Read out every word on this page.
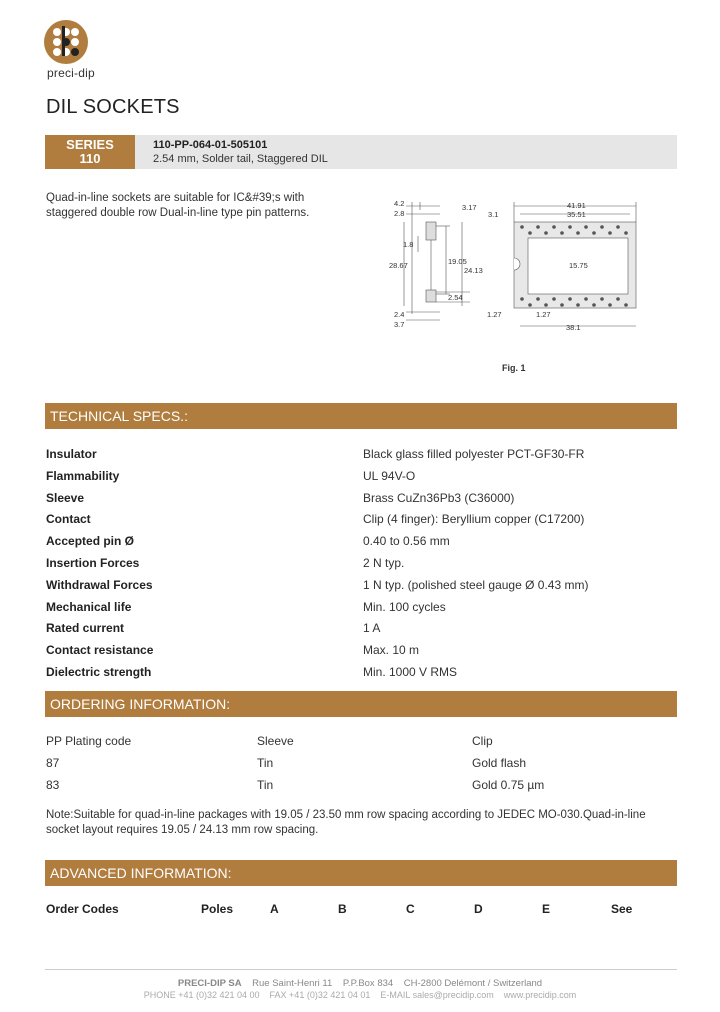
preci-dip
DIL SOCKETS
SERIES
110
110-PP-064-01-505101
2.54 mm, Solder tail, Staggered DIL
Quad-in-line sockets are suitable for IC&#39;s with staggered double row Dual-in-line type pin patterns.
4.2
2.8
3.17
1.8
28.67	19.05
24.13
2.54
2.4
3.7
41.91
35.51
3.1
15.75
1.27	1.27
38.1
Fig. 1
TECHNICAL SPECS.:
Insulator	Black glass filled polyester PCT-GF30-FR
Flammability	UL 94V-O
Sleeve	Brass CuZn36Pb3 (C36000)
Contact	Clip (4 finger): Beryllium copper (C17200)
Accepted pin Ø	0.40 to 0.56 mm
Insertion Forces	2 N typ.
Withdrawal Forces	1 N typ. (polished steel gauge Ø 0.43 mm)
Mechanical life	Min. 100 cycles
Rated current	1 A
Contact resistance	Max. 10 m
Dielectric strength	Min. 1000 V RMS
ORDERING INFORMATION:
PP Plating code	Sleeve	Clip
87	Tin	Gold flash
83	Tin	Gold 0.75 µm
Note:Suitable for quad-in-line packages with 19.05 / 23.50 mm row spacing according to JEDEC MO-030.Quad-in-line socket layout requires 19.05 / 24.13 mm row spacing.
ADVANCED INFORMATION:
Order Codes	Poles	A	B	C	D	E	See
PRECI-DIP SA Rue Saint-Henri 11 P.P.Box 834 CH-2800 Delémont / Switzerland
PHONE +41 (0)32 421 04 00 FAX +41 (0)32 421 04 01 E-MAIL sales@precidip.com www.precidip.com
